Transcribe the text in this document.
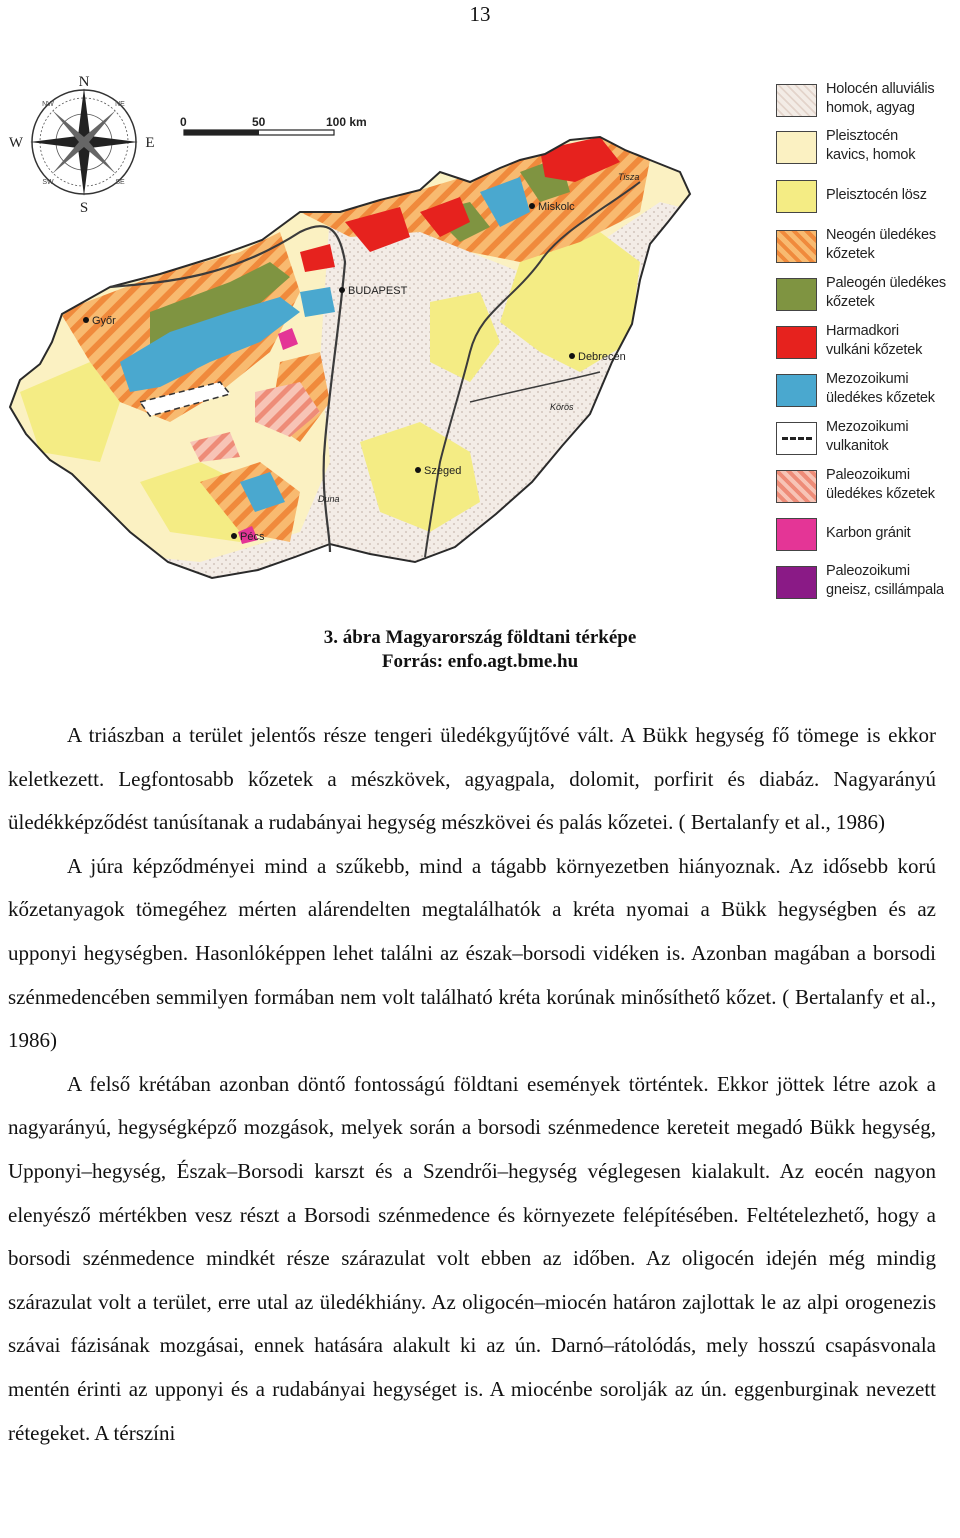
13
Győr
BUDAPEST
Miskolc
Debrecen
Szeged
Pécs
Körös
Tisza
Duna
0	50	100 km
N
S
E
W
NW	NE
SW	SE
Holocén alluviális
homok, agyag
Pleisztocén
kavics, homok
Pleisztocén lösz
Neogén üledékes
kőzetek
Paleogén üledékes
kőzetek
Harmadkori
vulkáni kőzetek
Mezozoikumi
üledékes kőzetek
Mezozoikumi
vulkanitok
Paleozoikumi
üledékes kőzetek
Karbon gránit
Paleozoikumi
gneisz, csillámpala
3. ábra Magyarország földtani térképe
Forrás: enfo.agt.bme.hu

A triászban a terület jelentős része tengeri üledékgyűjtővé vált. A Bükk hegység fő tömege is ekkor keletkezett. Legfontosabb kőzetek a mészkövek, agyagpala, dolomit, porfirit és diabáz. Nagyarányú üledékképződést tanúsítanak a rudabányai hegység mészkövei és palás kőzetei. ( Bertalanfy et al., 1986)

A júra képződményei mind a szűkebb, mind a tágabb környezetben hiányoznak. Az idősebb korú kőzetanyagok tömegéhez mérten alárendelten megtalálhatók a kréta nyomai a Bükk hegységben és az upponyi hegységben. Hasonlóképpen lehet találni az észak–borsodi vidéken is. Azonban magában a borsodi szénmedencében semmilyen formában nem volt található kréta korúnak minősíthető kőzet. ( Bertalanfy et al., 1986)

A felső krétában azonban döntő fontosságú földtani események történtek. Ekkor jöttek létre azok a nagyarányú, hegységképző mozgások, melyek során a borsodi szénmedence kereteit megadó Bükk hegység, Upponyi–hegység, Észak–Borsodi karszt és a Szendrői–hegység véglegesen kialakult. Az eocén nagyon elenyésző mértékben vesz részt a Borsodi szénmedence és környezete felépítésében. Feltételezhető, hogy a borsodi szénmedence mindkét része szárazulat volt ebben az időben. Az oligocén idején még mindig szárazulat volt a terület, erre utal az üledékhiány. Az oligocén–miocén határon zajlottak le az alpi orogenezis szávai fázisának mozgásai, ennek hatására alakult ki az ún. Darnó–rátolódás, mely hosszú csapásvonala mentén érinti az upponyi és a rudabányai hegységet is. A miocénbe sorolják az ún. eggenburginak nevezett rétegeket. A térszíni
